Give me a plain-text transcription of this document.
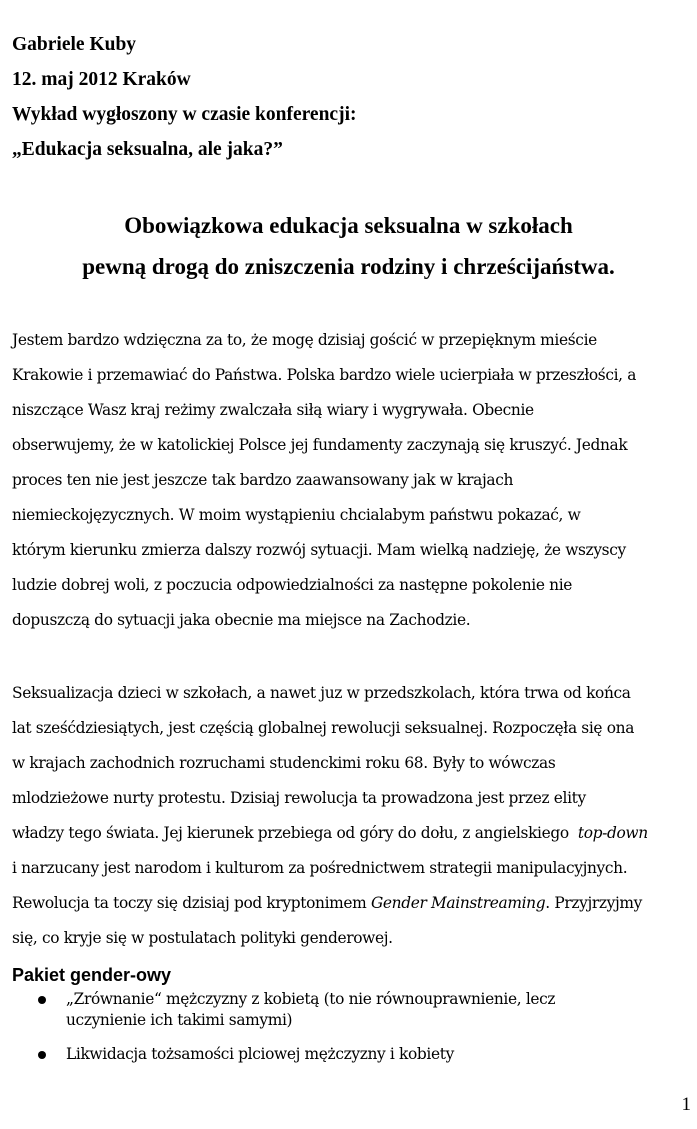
Gabriele Kuby
12. maj 2012 Kraków
Wykład wygłoszony w czasie konferencji:
„Edukacja seksualna, ale jaka?”
Obowiązkowa edukacja seksualna w szkołach
pewną drogą do zniszczenia rodziny i chrześcijaństwa.
Jestem bardzo wdzięczna za to, że mogę dzisiaj gościć w przepięknym mieście
Krakowie i przemawiać do Państwa. Polska bardzo wiele ucierpiała w przeszłości, a
niszczące Wasz kraj reżimy zwalczała siłą wiary i wygrywała. Obecnie
obserwujemy, że w katolickiej Polsce jej fundamenty zaczynają się kruszyć. Jednak
proces ten nie jest jeszcze tak bardzo zaawansowany jak w krajach
niemieckojęzycznych. W moim wystąpieniu chcialabym państwu pokazać, w
którym kierunku zmierza dalszy rozwój sytuacji. Mam wielką nadzieję, że wszyscy
ludzie dobrej woli, z poczucia odpowiedzialności za następne pokolenie nie
dopuszczą do sytuacji jaka obecnie ma miejsce na Zachodzie.
Seksualizacja dzieci w szkołach, a nawet juz w przedszkolach, która trwa od końca
lat sześćdziesiątych, jest częścią globalnej rewolucji seksualnej. Rozpoczęła się ona
w krajach zachodnich rozruchami studenckimi roku 68. Były to wówczas
mlodzieżowe nurty protestu. Dzisiaj rewolucja ta prowadzona jest przez elity
władzy tego świata. Jej kierunek przebiega od góry do dołu, z angielskiego  top-down
i narzucany jest narodom i kulturom za pośrednictwem strategii manipulacyjnych.
Rewolucja ta toczy się dzisiaj pod kryptonimem Gender Mainstreaming. Przyjrzyjmy
się, co kryje się w postulatach polityki genderowej.
Pakiet gender-owy
„Zrównanie“ mężczyzny z kobietą (to nie równouprawnienie, lecz
uczynienie ich takimi samymi)
Likwidacja tożsamości plciowej mężczyzny i kobiety
1
